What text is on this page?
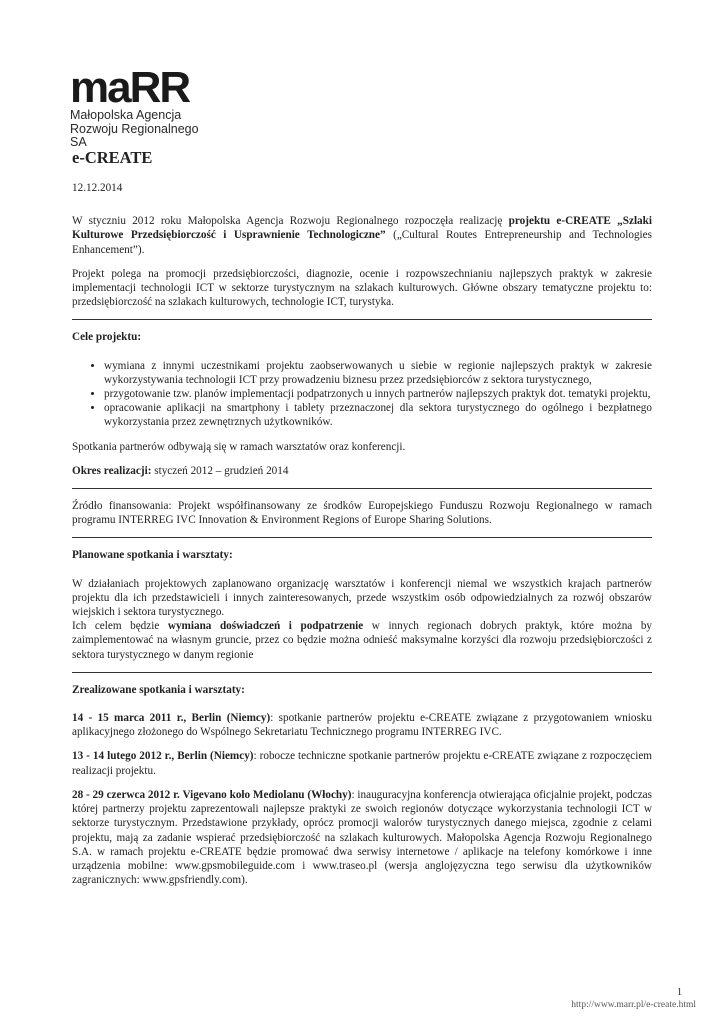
maRR
Małopolska Agencja
Rozwoju Regionalnego SA
e-CREATE

12.12.2014

W styczniu 2012 roku Małopolska Agencja Rozwoju Regionalnego rozpoczęła realizację projektu e-CREATE „Szlaki Kulturowe Przedsiębiorczość i Usprawnienie Technologiczne” („Cultural Routes Entrepreneurship and Technologies Enhancement”).

Projekt polega na promocji przedsiębiorczości, diagnozie, ocenie i rozpowszechnianiu najlepszych praktyk w zakresie implementacji technologii ICT w sektorze turystycznym na szlakach kulturowych. Główne obszary tematyczne projektu to: przedsiębiorczość na szlakach kulturowych, technologie ICT, turystyka.

Cele projektu:

• wymiana z innymi uczestnikami projektu zaobserwowanych u siebie w regionie najlepszych praktyk w zakresie wykorzystywania technologii ICT przy prowadzeniu biznesu przez przedsiębiorców z sektora turystycznego,
• przygotowanie tzw. planów implementacji podpatrzonych u innych partnerów najlepszych praktyk dot. tematyki projektu,
• opracowanie aplikacji na smartphony i tablety przeznaczonej dla sektora turystycznego do ogólnego i bezpłatnego wykorzystania przez zewnętrznych użytkowników.

Spotkania partnerów odbywają się w ramach warsztatów oraz konferencji.

Okres realizacji: styczeń 2012 – grudzień 2014

Źródło finansowania: Projekt współfinansowany ze środków Europejskiego Funduszu Rozwoju Regionalnego w ramach programu INTERREG IVC Innovation & Environment Regions of Europe Sharing Solutions.

Planowane spotkania i warsztaty:

W działaniach projektowych zaplanowano organizację warsztatów i konferencji niemal we wszystkich krajach partnerów projektu dla ich przedstawicieli i innych zainteresowanych, przede wszystkim osób odpowiedzialnych za rozwój obszarów wiejskich i sektora turystycznego.

Ich celem będzie wymiana doświadczeń i podpatrzenie w innych regionach dobrych praktyk, które można by zaimplementować na własnym gruncie, przez co będzie można odnieść maksymalne korzyści dla rozwoju przedsiębiorczości z sektora turystycznego w danym regionie

Zrealizowane spotkania i warsztaty:

14 - 15 marca 2011 r., Berlin (Niemcy): spotkanie partnerów projektu e-CREATE związane z przygotowaniem wniosku aplikacyjnego złożonego do Wspólnego Sekretariatu Technicznego programu INTERREG IVC.

13 - 14 lutego 2012 r., Berlin (Niemcy): robocze techniczne spotkanie partnerów projektu e-CREATE związane z rozpoczęciem realizacji projektu.

28 - 29 czerwca 2012 r. Vigevano koło Mediolanu (Włochy): inauguracyjna konferencja otwierająca oficjalnie projekt, podczas której partnerzy projektu zaprezentowali najlepsze praktyki ze swoich regionów dotyczące wykorzystania technologii ICT w sektorze turystycznym. Przedstawione przykłady, oprócz promocji walorów turystycznych danego miejsca, zgodnie z celami projektu, mają za zadanie wspierać przedsiębiorczość na szlakach kulturowych. Małopolska Agencja Rozwoju Regionalnego S.A. w ramach projektu e-CREATE będzie promować dwa serwisy internetowe / aplikacje na telefony komórkowe i inne urządzenia mobilne: www.gpsmobileguide.com i www.traseo.pl (wersja anglojęzyczna tego serwisu dla użytkowników zagranicznych: www.gpsfriendly.com).

1
http://www.marr.pl/e-create.html
